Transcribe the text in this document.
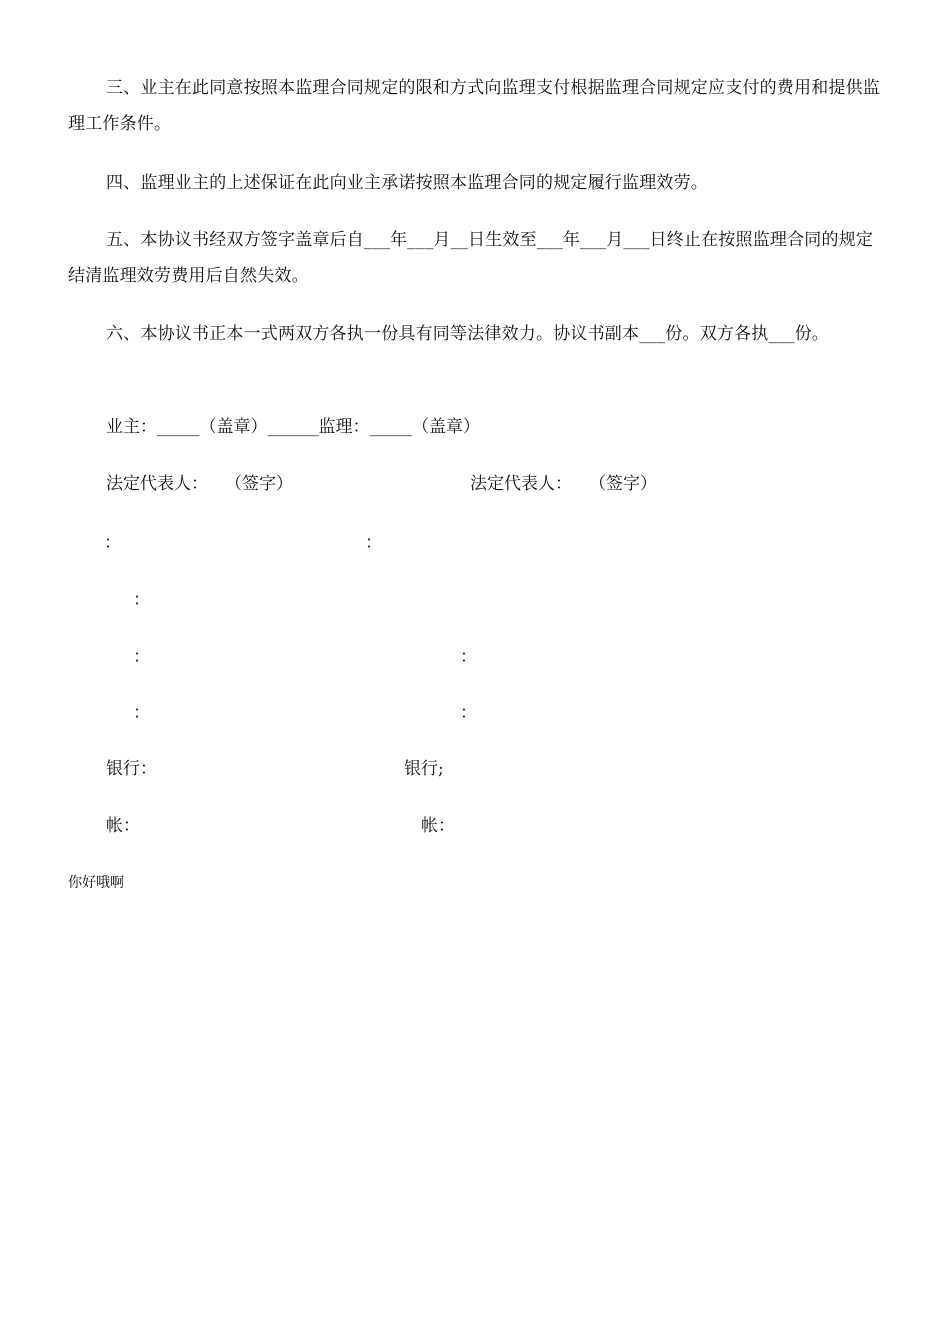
三、业主在此同意按照本监理合同规定的限和方式向监理支付根据监理合同规定应支付的费用和提供监理工作条件。

四、监理业主的上述保证在此向业主承诺按照本监理合同的规定履行监理效劳。

五、本协议书经双方签字盖章后自___年___月__日生效至___年___月___日终止在按照监理合同的规定结清监理效劳费用后自然失效。

六、本协议书正本一式两双方各执一份具有同等法律效力。协议书副本___份。双方各执___份。

业主：_____（盖章）______监理：_____（盖章）

法定代表人：　　（签字）	法定代表人：　　（签字）

：	：

：

：	：

：	：

银行：	银行;

帐：	帐：

你好哦啊
